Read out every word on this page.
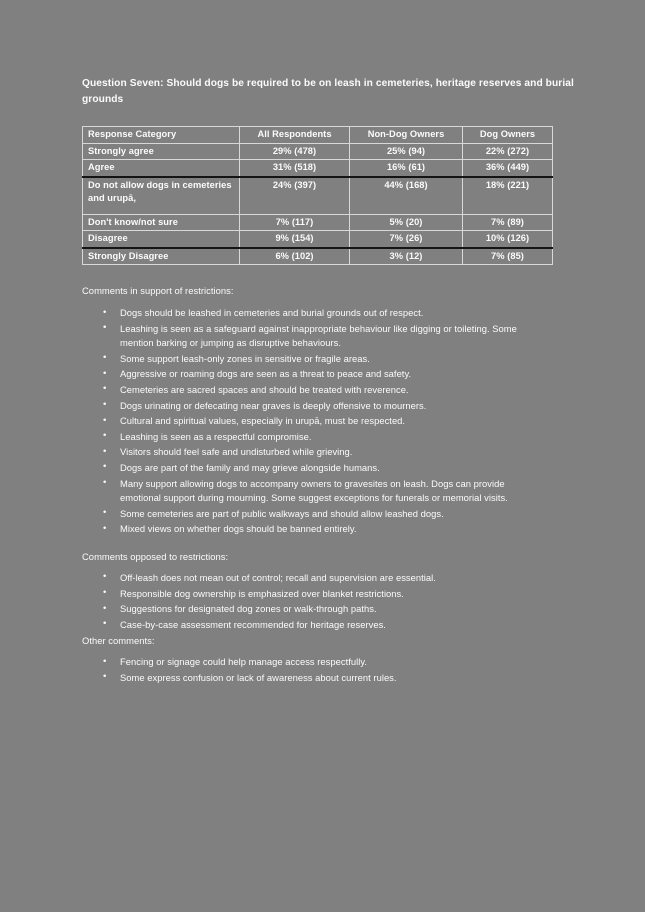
Question Seven: Should dogs be required to be on leash in cemeteries, heritage reserves and burial grounds
Response Category	All Respondents	Non-Dog Owners	Dog Owners
Strongly agree	29% (478)	25% (94)	22% (272)
Agree	31% (518)	16% (61)	36% (449)
Do not allow dogs in cemeteries and urupā,	24% (397)	44% (168)	18% (221)
Don't know/not sure	7% (117)	5% (20)	7% (89)
Disagree	9% (154)	7% (26)	10% (126)
Strongly Disagree	6% (102)	3% (12)	7% (85)

Comments in support of restrictions:

• Dogs should be leashed in cemeteries and burial grounds out of respect.
• Leashing is seen as a safeguard against inappropriate behaviour like digging or toileting. Some mention barking or jumping as disruptive behaviours.
• Some support leash-only zones in sensitive or fragile areas.
• Aggressive or roaming dogs are seen as a threat to peace and safety.
• Cemeteries are sacred spaces and should be treated with reverence.
• Dogs urinating or defecating near graves is deeply offensive to mourners.
• Cultural and spiritual values, especially in urupā, must be respected.
• Leashing is seen as a respectful compromise.
• Visitors should feel safe and undisturbed while grieving.
• Dogs are part of the family and may grieve alongside humans.
• Many support allowing dogs to accompany owners to gravesites on leash. Dogs can provide emotional support during mourning. Some suggest exceptions for funerals or memorial visits.
• Some cemeteries are part of public walkways and should allow leashed dogs.
• Mixed views on whether dogs should be banned entirely.

Comments opposed to restrictions:

• Off-leash does not mean out of control; recall and supervision are essential.
• Responsible dog ownership is emphasized over blanket restrictions.
• Suggestions for designated dog zones or walk-through paths.
• Case-by-case assessment recommended for heritage reserves.

Other comments:

• Fencing or signage could help manage access respectfully.
• Some express confusion or lack of awareness about current rules.
